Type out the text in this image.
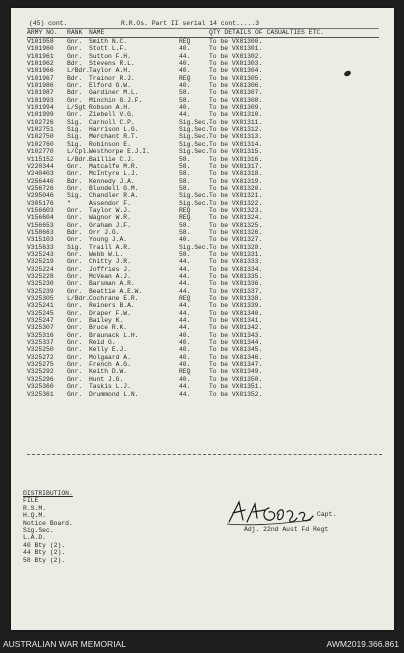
(45) cont.              R.R.Os. Part II serial 14 cont.....3
ARMY NO. RANK NAME	QTY DETAILS OF CASUALTIES ETC.
V101958	Gnr.	Smith N.C.	REQ	To be VX81300.
V101960	Gnr.	Stott L.F.	40.	To be VX81301.
V101961	Gnr.	Sutton F.H.	44.	To be VX81302.
V101962	Bdr.	Stevens R.L.	40.	To be VX81303.
V101966	L/Bdr. Taylor A.H.	40.	To be VX81304.
V101967	Bdr.	Trainor R.J.	REQ	To be VX81305.
V101986	Gnr.	Elford G.W.	40.	To be VX81306.
V101987	Bdr.	Gardiner M.L.	58.	To be VX81307.
V101993	Gnr.	Minchin G.J.F.	58.	To be VX81308.
V101994	L/Sgt Robson A.H.	40.	To be VX81309.
V101999	Gnr.	Ziebell V.G.	44.	To be VX81310.
V102726	Sig.	Carnoll C.P.	Sig.Sec. To be VX81311.
V102751	Sig.	Harrison L.G.	Sig.Sec. To be VX81312.
V102750	Sig.	Merchant R.T.	Sig.Sec. To be VX81313.
V102760	Sig.	Robinson E.	Sig.Sec. To be VX81314.
V102770	L/Cpl. Westhorpe E.J.I.	Sig.Sec. To be VX81315.
V115152	L/Bdr. Baillie C.J.	58.	To be VX81316.
V220344	Gnr.	Matcalfe M.R.	58.	To be VX81317.
V240403	Gnr.	McIntyre L.J.	58.	To be VX81318.
V256446	Bdr.	Kennedy J.A.	58.	To be VX81319.
V256726	Gnr.	Blundell G.M.	58.	To be VX81320.
V295046	Sig.	Chandler R.A.	Sig.Sec. To be VX81321.
V305176	"	Assendor F.	Sig.Sec. To be VX81322.
V156603	Gnr.	Taylor W.J.	REQ	To be VX81323.
V156604	Gnr.	Wagnor W.R.	REQ	To be VX81324.
V156653	Gnr.	Graham J.F.	58.	To be VX81325.
V158663	Bdr.	Orr J.G.	58.	To be VX81326.
V315103	Gnr.	Young J.A.	40.	To be VX81327.
V315633	Sig.	Traill A.R.	Sig.Sec. To be VX81328.
V325243	Gnr.	Webb W.L.	58.	To be VX81331.
V325219	Gnr.	Chitty J.R.	44.	To be VX81333.
V325224	Gnr.	Joffries J.	44.	To be VX81334.
V325228	Gnr.	McVean A.J.	44.	To be VX81335.
V325230	Gnr.	Barsman A.R.	44.	To be VX81336.
V325239	Gnr.	Beattie A.E.W.	44.	To be VX81337.
V325305	L/Bdr. Cochrane E.R.	REQ	To be VX81338.
V325241	Gnr.	Reiners B.A.	44.	To be VX81339.
V325245	Gnr.	Draper F.W.	44.	To be VX81340.
V325247	Gnr.	Bailey K.	44.	To be VX81341.
V325307	Gnr.	Bruce R.K.	44.	To be VX81342.
V325316	Gnr.	Braunack L.H.	40.	To be VX81343.
V325337	Gnr.	Reid G.	40.	To be VX81344.
V325250	Gnr.	Kelly E.J.	40.	To be VX81345.
V325272	Gnr.	Molgaard A.	40.	To be VX81346.
V325275	Gnr.	French A.G.	40.	To be VX81347.
V325292	Gnr.	Keith D.W.	REQ	To be VX81349.
V325296	Gnr.	Hunt J.G.	40.	To be VX81350.
V325360	Gnr.	Taskis L.J.	44.	To be VX81351.
V325361	Gnr.	Drummond L.N.	44.	To be VX81352.
DISTRIBUTION.
FILE
R.S.M.
H.Q.M.
Notice Board.
Sig.Sec.
L.A.D.
40 Bty (2).
44 Bty (2).
58 Bty (2).
Capt.
Adj. 22nd Aust Fd Regt
AUSTRALIAN WAR MEMORIAL	AWM2019.366.861
